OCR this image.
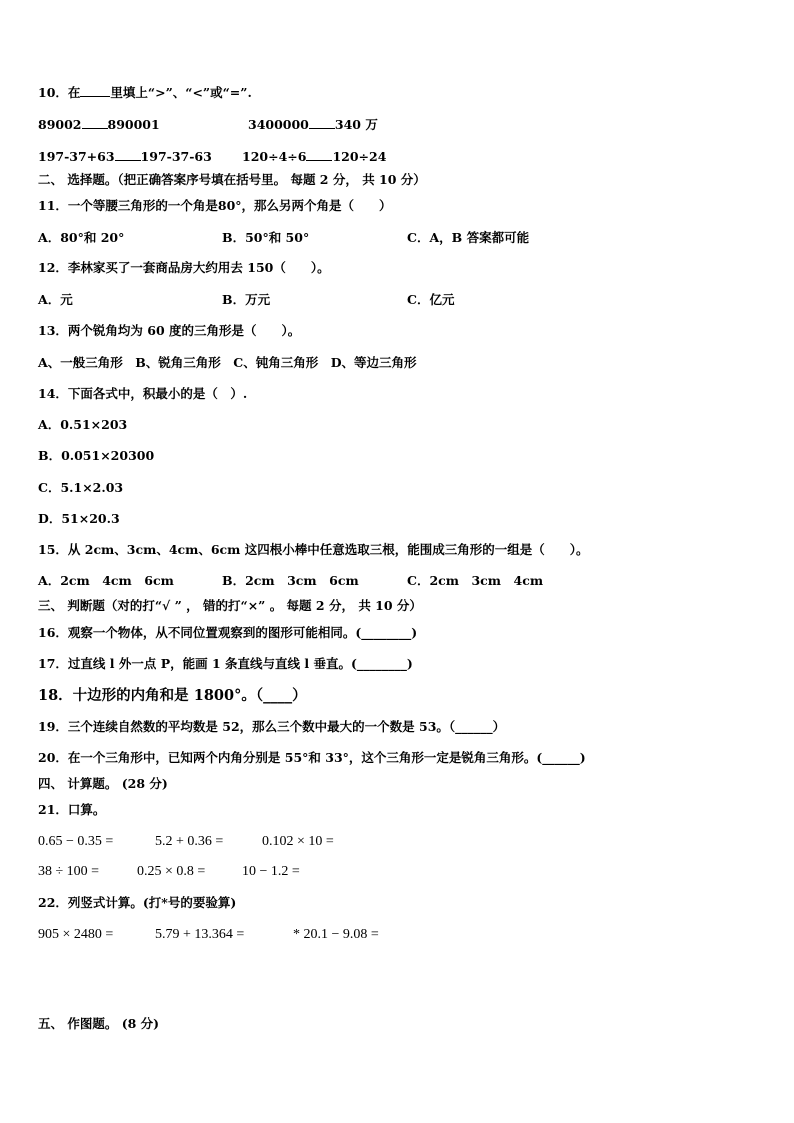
10．在 里填上“>”、“<”或“=”.
89002 890001	3400000 340 万
197-37+63 197-37-63 120÷4÷6 120÷24
二、 选择题。（把正确答案序号填在括号里。 每题 2 分， 共 10 分）
11．一个等腰三角形的一个角是80°，那么另两个角是（　　）
A．80°和 20°	B．50°和 50°	C．A，B 答案都可能
12．李林家买了一套商品房大约用去 150（　　）。
A．元	B．万元	C．亿元
13．两个锐角均为 60 度的三角形是（　　）。
A、一般三角形　B、锐角三角形　C、钝角三角形　D、等边三角形
14．下面各式中，积最小的是（　）.
A．0.51×203
B．0.051×20300
C．5.1×2.03
D．51×20.3
15．从 2cm、3cm、4cm、6cm 这四根小棒中任意选取三根，能围成三角形的一组是（　　）。
A．2cm　4cm　6cm	B．2cm　3cm　6cm	C．2cm　3cm　4cm
三、 判断题（对的打“√ ” ， 错的打“×” 。 每题 2 分， 共 10 分）
16．观察一个物体，从不同位置观察到的图形可能相同。(________)
17．过直线 l 外一点 P，能画 1 条直线与直线 l 垂直。(________)
18．十边形的内角和是 1800°。（____）
19．三个连续自然数的平均数是 52，那么三个数中最大的一个数是 53。（______）
20．在一个三角形中，已知两个内角分别是 55°和 33°，这个三角形一定是锐角三角形。(______)
四、 计算题。 (28 分)
21．口算。
0.65 − 0.35 =	5.2 + 0.36 =	0.102 × 10 =
38 ÷ 100 =	0.25 × 0.8 =	10 − 1.2 =
22．列竖式计算。(打*号的要验算)
905 × 2480 =	5.79 + 13.364 =	* 20.1 − 9.08 =
五、 作图题。 (8 分)
